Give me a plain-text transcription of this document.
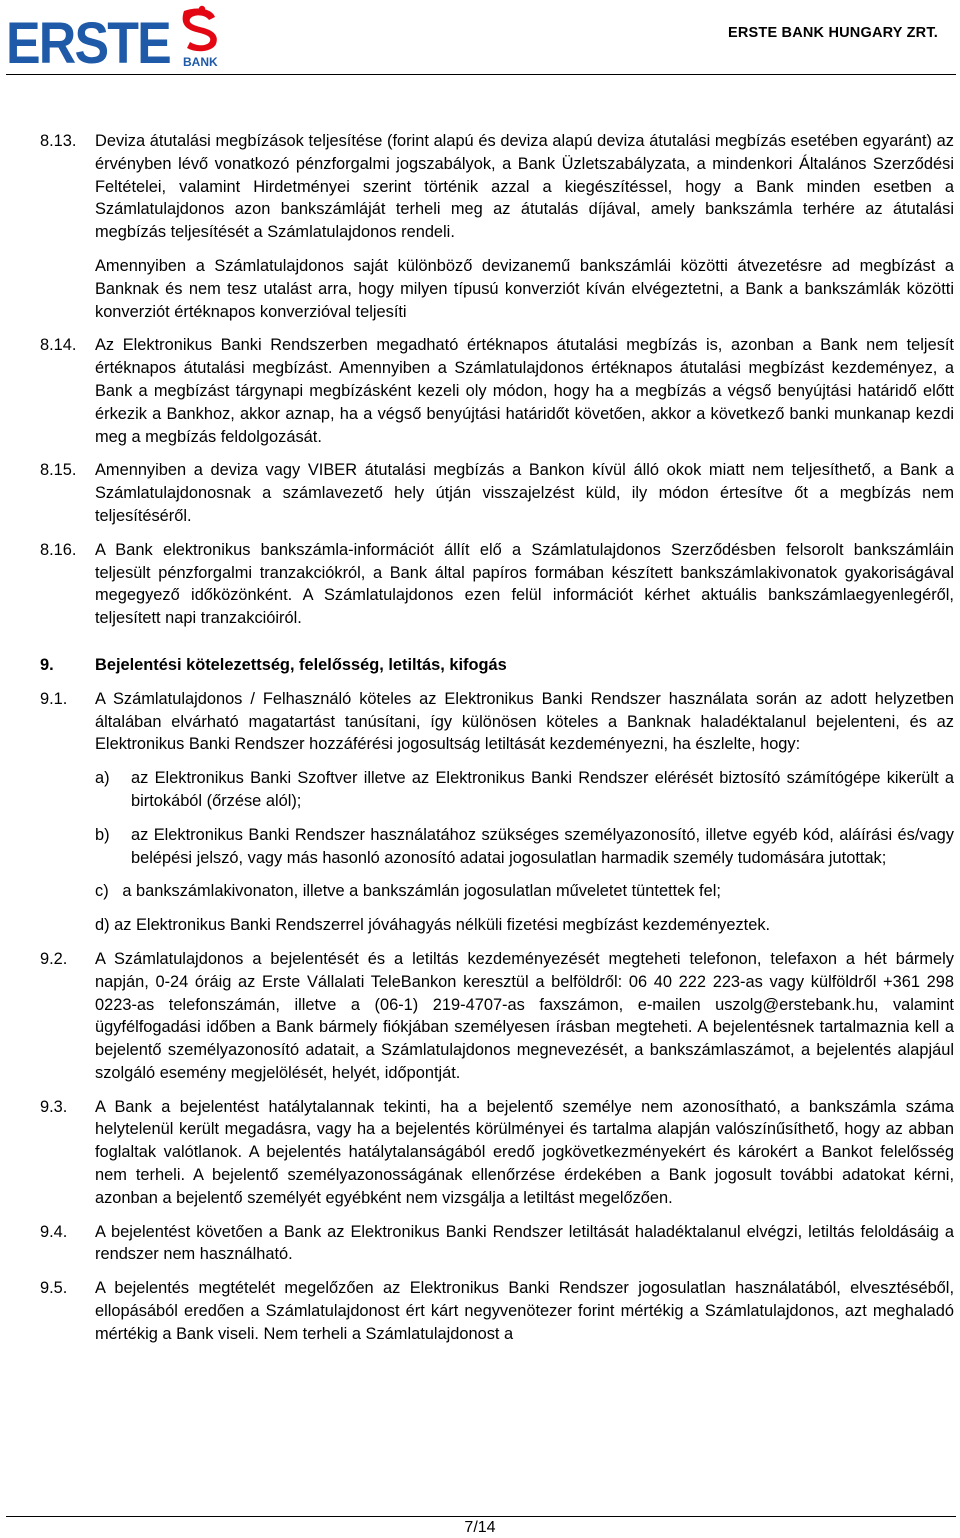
ERSTE BANK
ERSTE BANK HUNGARY ZRT.
8.13. Deviza átutalási megbízások teljesítése (forint alapú és deviza alapú deviza átutalási megbízás esetében egyaránt) az érvényben lévő vonatkozó pénzforgalmi jogszabályok, a Bank Üzletszabályzata, a mindenkori Általános Szerződési Feltételei, valamint Hirdetményei szerint történik azzal a kiegészítéssel, hogy a Bank minden esetben a Számlatulajdonos azon bankszámláját terheli meg az átutalás díjával, amely bankszámla terhére az átutalási megbízás teljesítését a Számlatulajdonos rendeli.
Amennyiben a Számlatulajdonos saját különböző devizanemű bankszámlái közötti átvezetésre ad megbízást a Banknak és nem tesz utalást arra, hogy milyen típusú konverziót kíván elvégeztetni, a Bank a bankszámlák közötti konverziót értéknapos konverzióval teljesíti
8.14. Az Elektronikus Banki Rendszerben megadható értéknapos átutalási megbízás is, azonban a Bank nem teljesít értéknapos átutalási megbízást. Amennyiben a Számlatulajdonos értéknapos átutalási megbízást kezdeményez, a Bank a megbízást tárgynapi megbízásként kezeli oly módon, hogy ha a megbízás a végső benyújtási határidő előtt érkezik a Bankhoz, akkor aznap, ha a végső benyújtási határidőt követően, akkor a következő banki munkanap kezdi meg a megbízás feldolgozását.
8.15. Amennyiben a deviza vagy VIBER átutalási megbízás a Bankon kívül álló okok miatt nem teljesíthető, a Bank a Számlatulajdonosnak a számlavezető hely útján visszajelzést küld, ily módon értesítve őt a megbízás nem teljesítéséről.
8.16. A Bank elektronikus bankszámla-információt állít elő a Számlatulajdonos Szerződésben felsorolt bankszámláin teljesült pénzforgalmi tranzakciókról, a Bank által papíros formában készített bankszámlakivonatok gyakoriságával megegyező időközönként. A Számlatulajdonos ezen felül információt kérhet aktuális bankszámlaegyenlegéről, teljesített napi tranzakcióiról.
9.	Bejelentési kötelezettség, felelősség, letiltás, kifogás
9.1. A Számlatulajdonos / Felhasználó köteles az Elektronikus Banki Rendszer használata során az adott helyzetben általában elvárható magatartást tanúsítani, így különösen köteles a Banknak haladéktalanul bejelenteni, és az Elektronikus Banki Rendszer hozzáférési jogosultság letiltását kezdeményezni, ha észlelte, hogy:
a) az Elektronikus Banki Szoftver illetve az Elektronikus Banki Rendszer elérését biztosító számítógépe kikerült a birtokából (őrzése alól);
b) az Elektronikus Banki Rendszer használatához szükséges személyazonosító, illetve egyéb kód, aláírási és/vagy belépési jelszó, vagy más hasonló azonosító adatai jogosulatlan harmadik személy tudomására jutottak;
c)   a bankszámlakivonaton, illetve a bankszámlán jogosulatlan műveletet tüntettek fel;
d) az Elektronikus Banki Rendszerrel jóváhagyás nélküli fizetési megbízást kezdeményeztek.
9.2. A Számlatulajdonos a bejelentését és a letiltás kezdeményezését megteheti telefonon, telefaxon a hét bármely napján, 0-24 óráig az Erste Vállalati TeleBankon keresztül a belföldről: 06 40 222 223-as vagy külföldről +361 298 0223-as telefonszámán, illetve a (06-1) 219-4707-as faxszámon, e-mailen uszolg@erstebank.hu, valamint ügyfélfogadási időben a Bank bármely fiókjában személyesen írásban megteheti. A bejelentésnek tartalmaznia kell a bejelentő személyazonosító adatait, a Számlatulajdonos megnevezését, a bankszámlaszámot, a bejelentés alapjául szolgáló esemény megjelölését, helyét, időpontját.
9.3. A Bank a bejelentést hatálytalannak tekinti, ha a bejelentő személye nem azonosítható, a bankszámla száma helytelenül került megadásra, vagy ha a bejelentés körülményei és tartalma alapján valószínűsíthető, hogy az abban foglaltak valótlanok. A bejelentés hatálytalanságából eredő jogkövetkezményekért és károkért a Bankot felelősség nem terheli. A bejelentő személyazonosságának ellenőrzése érdekében a Bank jogosult további adatokat kérni, azonban a bejelentő személyét egyébként nem vizsgálja a letiltást megelőzően.
9.4. A bejelentést követően a Bank az Elektronikus Banki Rendszer letiltását haladéktalanul elvégzi, letiltás feloldásáig a rendszer nem használható.
9.5. A bejelentés megtételét megelőzően az Elektronikus Banki Rendszer jogosulatlan használatából, elvesztéséből, ellopásából eredően a Számlatulajdonost ért kárt negyvenötezer forint mértékig a Számlatulajdonos, azt meghaladó mértékig a Bank viseli. Nem terheli a Számlatulajdonost a
7/14
